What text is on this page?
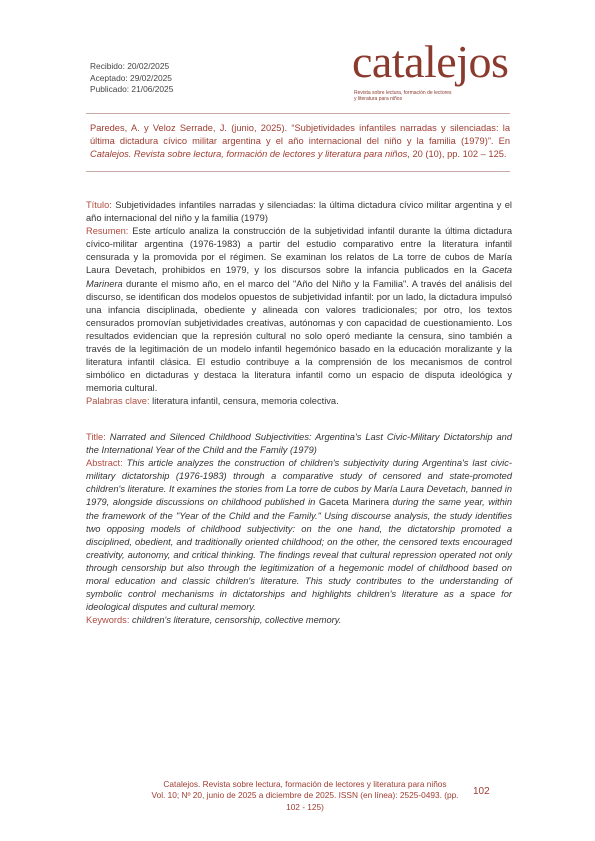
Recibido: 20/02/2025
Aceptado: 29/02/2025
Publicado: 21/06/2025
catalejos
Revista sobre lectura, formación de lectores
y literatura para niños
Paredes, A. y Veloz Serrade, J. (junio, 2025). “Subjetividades infantiles narradas y silenciadas: la última dictadura cívico militar argentina y el año internacional del niño y la familia (1979)”. En Catalejos. Revista sobre lectura, formación de lectores y literatura para niños, 20 (10), pp. 102 – 125.
Título: Subjetividades infantiles narradas y silenciadas: la última dictadura cívico militar argentina y el año internacional del niño y la familia (1979)
Resumen: Este artículo analiza la construcción de la subjetividad infantil durante la última dictadura cívico-militar argentina (1976-1983) a partir del estudio comparativo entre la literatura infantil censurada y la promovida por el régimen. Se examinan los relatos de La torre de cubos de María Laura Devetach, prohibidos en 1979, y los discursos sobre la infancia publicados en la Gaceta Marinera durante el mismo año, en el marco del "Año del Niño y la Familia". A través del análisis del discurso, se identifican dos modelos opuestos de subjetividad infantil: por un lado, la dictadura impulsó una infancia disciplinada, obediente y alineada con valores tradicionales; por otro, los textos censurados promovían subjetividades creativas, autónomas y con capacidad de cuestionamiento. Los resultados evidencian que la represión cultural no solo operó mediante la censura, sino también a través de la legitimación de un modelo infantil hegemónico basado en la educación moralizante y la literatura infantil clásica. El estudio contribuye a la comprensión de los mecanismos de control simbólico en dictaduras y destaca la literatura infantil como un espacio de disputa ideológica y memoria cultural.
Palabras clave: literatura infantil, censura, memoria colectiva.
Title: Narrated and Silenced Childhood Subjectivities: Argentina's Last Civic-Military Dictatorship and the International Year of the Child and the Family (1979)
Abstract: This article analyzes the construction of children's subjectivity during Argentina's last civic-military dictatorship (1976-1983) through a comparative study of censored and state-promoted children's literature. It examines the stories from La torre de cubos by María Laura Devetach, banned in 1979, alongside discussions on childhood published in Gaceta Marinera during the same year, within the framework of the "Year of the Child and the Family." Using discourse analysis, the study identifies two opposing models of childhood subjectivity: on the one hand, the dictatorship promoted a disciplined, obedient, and traditionally oriented childhood; on the other, the censored texts encouraged creativity, autonomy, and critical thinking. The findings reveal that cultural repression operated not only through censorship but also through the legitimization of a hegemonic model of childhood based on moral education and classic children's literature. This study contributes to the understanding of symbolic control mechanisms in dictatorships and highlights children's literature as a space for ideological disputes and cultural memory.
Keywords: children's literature, censorship, collective memory.
Catalejos. Revista sobre lectura, formación de lectores y literatura para niños
Vol. 10; Nº 20, junio de 2025 a diciembre de 2025. ISSN (en línea): 2525-0493. (pp. 102 - 125)
102
